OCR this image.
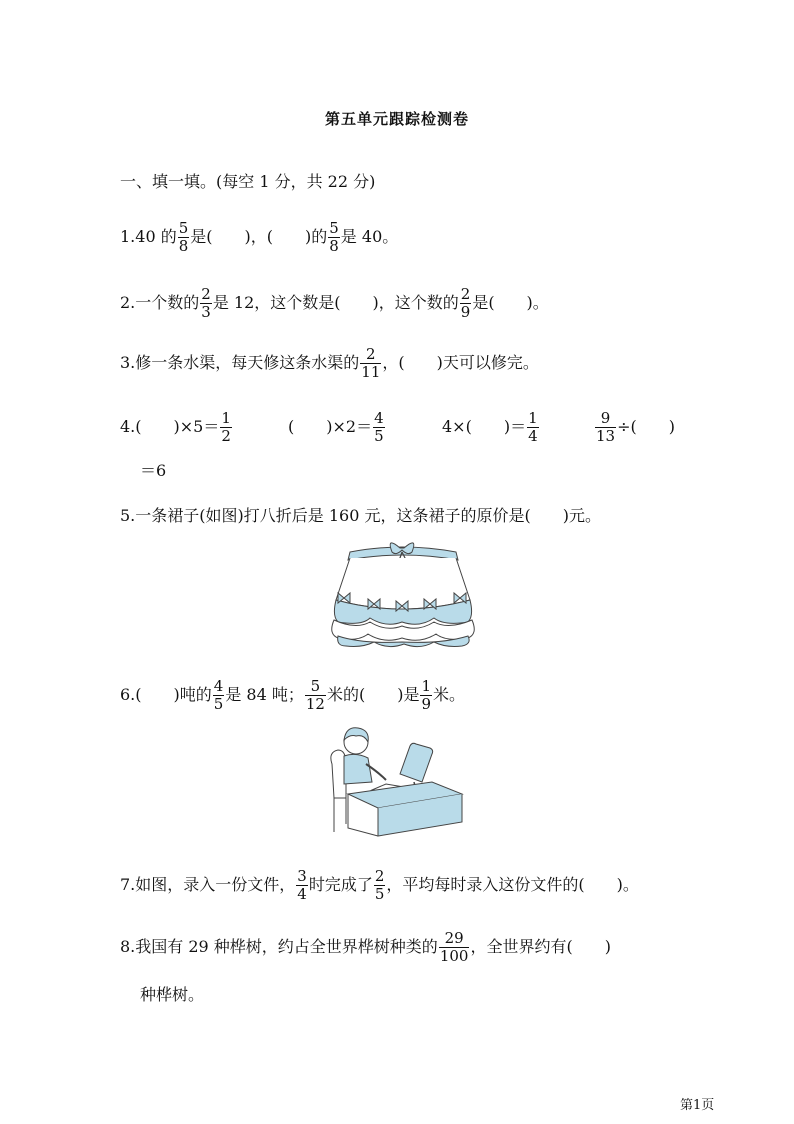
第五单元跟踪检测卷
一、填一填。(每空 1 分，共 22 分)
1.40 的 $\frac{5}{8}$ 是(　　)，(　　)的 $\frac{5}{8}$ 是 40。
2.一个数的 $\frac{2}{3}$ 是 12，这个数是(　　)，这个数的 $\frac{2}{9}$ 是(　　)。
3.修一条水渠，每天修这条水渠的 $\frac{2}{11}$ ，(　　)天可以修完。
4.(　　)$\times 5= \frac{1}{2}$	(　　)$\times 2= \frac{4}{5}$	4×(　　)＝ $\frac{1}{4}$	$\frac{9}{13}$ ÷(　　)
＝6
5.一条裙子(如图)打八折后是 160 元，这条裙子的原价是(　　)元。
6.(　　)吨的 $\frac{4}{5}$ 是 84 吨； $\frac{5}{12}$ 米的(　　)是 $\frac{1}{9}$ 米。
7.如图，录入一份文件， $\frac{3}{4}$ 时完成了 $\frac{2}{5}$ ，平均每时录入这份文件的(　　)。
8.我国有 29 种桦树，约占全世界桦树种类的 $\frac{29}{100}$ ，全世界约有(　　)
种桦树。
第1页
